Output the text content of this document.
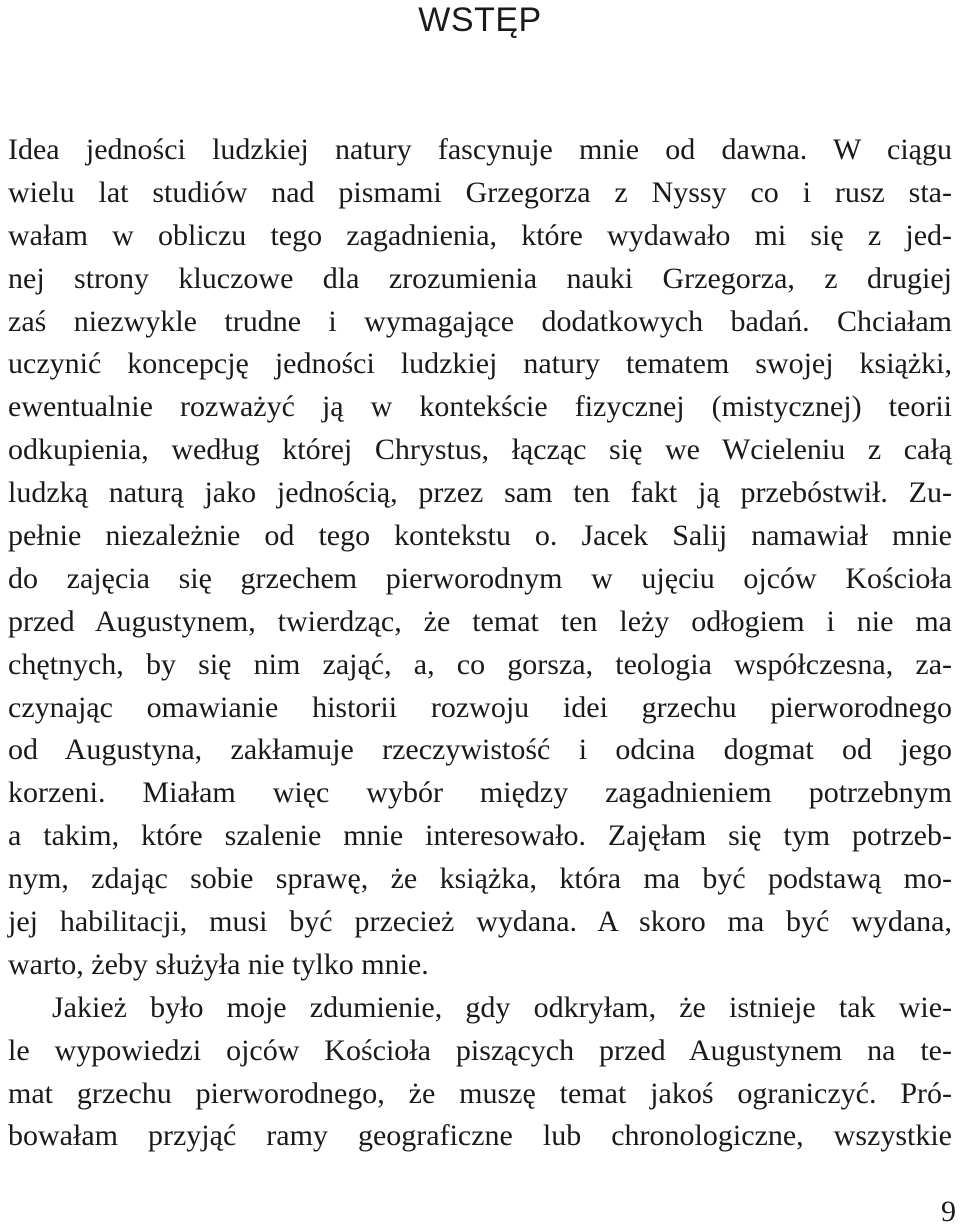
WSTĘP
Idea jedności ludzkiej natury fascynuje mnie od dawna. W ciągu
wielu lat studiów nad pismami Grzegorza z Nyssy co i rusz sta-
wałam w obliczu tego zagadnienia, które wydawało mi się z jed-
nej strony kluczowe dla zrozumienia nauki Grzegorza, z drugiej
zaś niezwykle trudne i wymagające dodatkowych badań. Chciałam
uczynić koncepcję jedności ludzkiej natury tematem swojej książki,
ewentualnie rozważyć ją w kontekście fizycznej (mistycznej) teorii
odkupienia, według której Chrystus, łącząc się we Wcieleniu z całą
ludzką naturą jako jednością, przez sam ten fakt ją przebóstwił. Zu-
pełnie niezależnie od tego kontekstu o. Jacek Salij namawiał mnie
do zajęcia się grzechem pierworodnym w ujęciu ojców Kościoła
przed Augustynem, twierdząc, że temat ten leży odłogiem i nie ma
chętnych, by się nim zająć, a, co gorsza, teologia współczesna, za-
czynając omawianie historii rozwoju idei grzechu pierworodnego
od Augustyna, zakłamuje rzeczywistość i odcina dogmat od jego
korzeni. Miałam więc wybór między zagadnieniem potrzebnym
a takim, które szalenie mnie interesowało. Zajęłam się tym potrzeb-
nym, zdając sobie sprawę, że książka, która ma być podstawą mo-
jej habilitacji, musi być przecież wydana. A skoro ma być wydana,
warto, żeby służyła nie tylko mnie.
Jakież było moje zdumienie, gdy odkryłam, że istnieje tak wie-
le wypowiedzi ojców Kościoła piszących przed Augustynem na te-
mat grzechu pierworodnego, że muszę temat jakoś ograniczyć. Pró-
bowałam przyjąć ramy geograficzne lub chronologiczne, wszystkie
9
